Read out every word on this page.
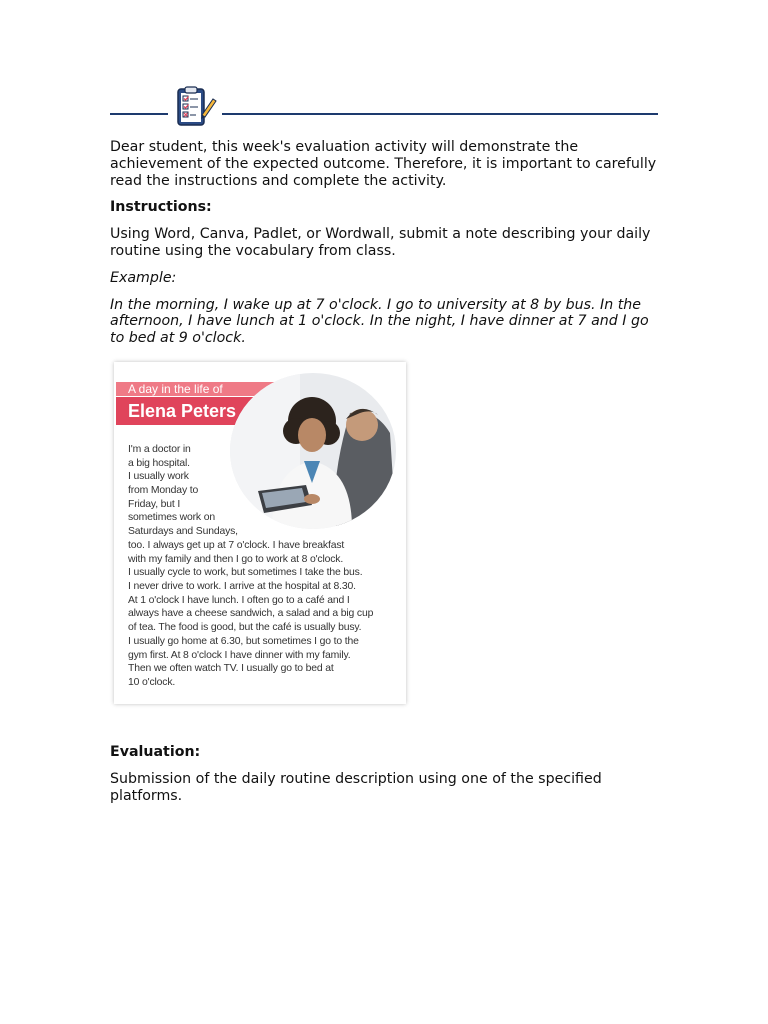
Dear student, this week's evaluation activity will demonstrate the achievement of the expected outcome. Therefore, it is important to carefully read the instructions and complete the activity.

Instructions:

Using Word, Canva, Padlet, or Wordwall, submit a note describing your daily routine using the vocabulary from class.

Example:

In the morning, I wake up at 7 o'clock. I go to university at 8 by bus. In the afternoon, I have lunch at 1 o'clock. In the night, I have dinner at 7 and I go to bed at 9 o'clock.

A day in the life of
Elena Peters
I'm a doctor in
a big hospital.
I usually work
from Monday to
Friday, but I
sometimes work on
Saturdays and Sundays,
too. I always get up at 7 o'clock. I have breakfast
with my family and then I go to work at 8 o'clock.
I usually cycle to work, but sometimes I take the bus.
I never drive to work. I arrive at the hospital at 8.30.
At 1 o'clock I have lunch. I often go to a café and I
always have a cheese sandwich, a salad and a big cup
of tea. The food is good, but the café is usually busy.
I usually go home at 6.30, but sometimes I go to the
gym first. At 8 o'clock I have dinner with my family.
Then we often watch TV. I usually go to bed at
10 o'clock.

Evaluation:

Submission of the daily routine description using one of the specified platforms.
